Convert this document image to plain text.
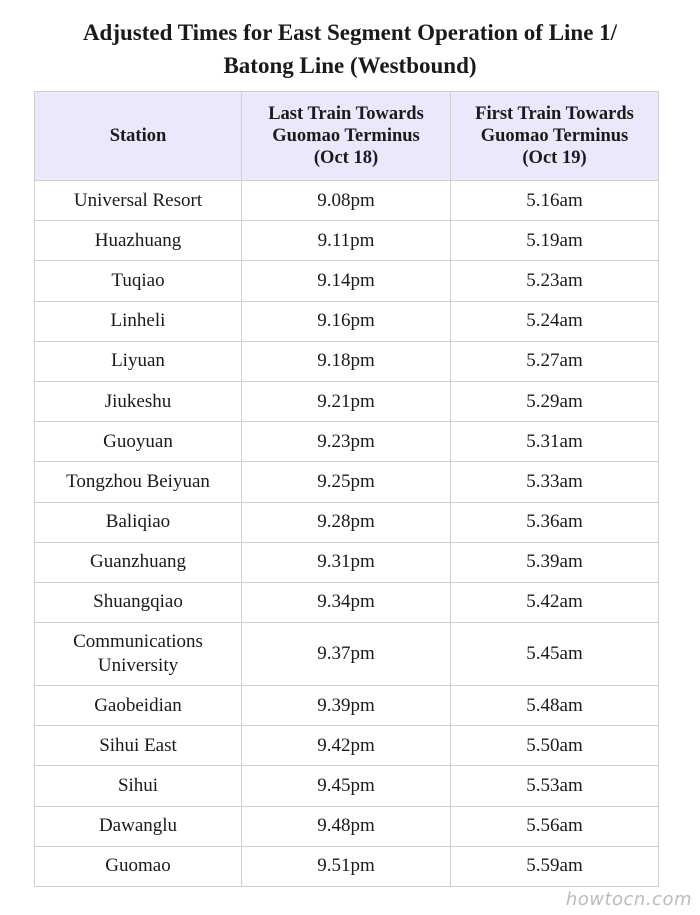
Adjusted Times for East Segment Operation of Line 1/
Batong Line (Westbound)
Station	Last Train Towards
Guomao Terminus
(Oct 18)	First Train Towards
Guomao Terminus
(Oct 19)

Universal Resort	9.08pm	5.16am

Huazhuang	9.11pm	5.19am

Tuqiao	9.14pm	5.23am

Linheli	9.16pm	5.24am

Liyuan	9.18pm	5.27am

Jiukeshu	9.21pm	5.29am

Guoyuan	9.23pm	5.31am

Tongzhou Beiyuan	9.25pm	5.33am

Baliqiao	9.28pm	5.36am

Guanzhuang	9.31pm	5.39am

Shuangqiao	9.34pm	5.42am

Communications
University	9.37pm	5.45am

Gaobeidian	9.39pm	5.48am

Sihui East	9.42pm	5.50am

Sihui	9.45pm	5.53am

Dawanglu	9.48pm	5.56am

Guomao	9.51pm	5.59am
howtocn.com
